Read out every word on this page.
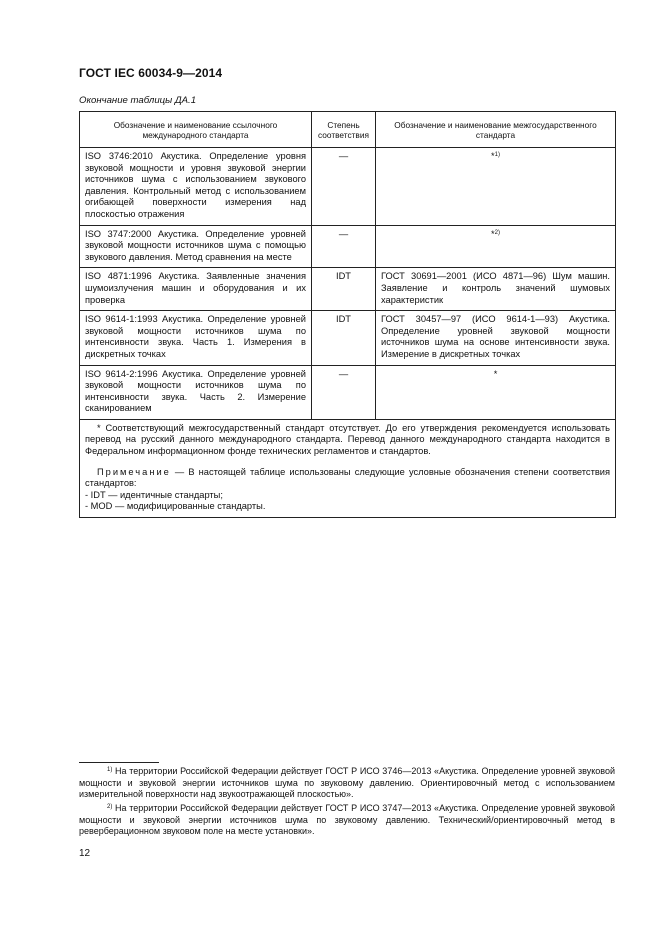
ГОСТ IEC 60034-9—2014
Окончание таблицы ДА.1
Обозначение и наименование ссылочного международного стандарта	Степень соответствия	Обозначение и наименование межгосударственного стандарта
ISO 3746:2010 Акустика. Определение уровня звуковой мощности и уровня звуковой энергии источников шума с использованием звукового давления. Контрольный метод с использованием огибающей поверхности измерения над плоскостью отражения	—	*$^{1)}$
ISO 3747:2000 Акустика. Определение уровней звуковой мощности источников шума с помощью звукового давления. Метод сравнения на месте	—	*$^{2)}$
ISO 4871:1996 Акустика. Заявленные значения шумоизлучения машин и оборудования и их проверка	IDT	ГОСТ 30691—2001 (ИСО 4871—96) Шум машин. Заявление и контроль значений шумовых характеристик
ISO 9614-1:1993 Акустика. Определение уровней звуковой мощности источников шума по интенсивности звука. Часть 1. Измерения в дискретных точках	IDT	ГОСТ 30457—97 (ИСО 9614-1—93) Акустика. Определение уровней звуковой мощности источников шума на основе интенсивности звука. Измерение в дискретных точках
ISO 9614-2:1996 Акустика. Определение уровней звуковой мощности источников шума по интенсивности звука. Часть 2. Измерение сканированием	—	*

* Соответствующий межгосударственный стандарт отсутствует. До его утверждения рекомендуется использовать перевод на русский данного международного стандарта. Перевод данного международного стандарта находится в Федеральном информационном фонде технических регламентов и стандартов.

Примечание — В настоящей таблице использованы следующие условные обозначения степени соответствия стандартов:

- IDT — идентичные стандарты;

- MOD — модифицированные стандарты.		

$^{1)}$ На территории Российской Федерации действует ГОСТ Р ИСО 3746—2013 «Акустика. Определение уровней звуковой мощности и звуковой энергии источников шума по звуковому давлению. Ориентировочный метод с использованием измерительной поверхности над звукоотражающей плоскостью».
$^{2)}$ На территории Российской Федерации действует ГОСТ Р ИСО 3747—2013 «Акустика. Определение уровней звуковой мощности и звуковой энергии источников шума по звуковому давлению. Технический/ориентировочный метод в реверберационном звуковом поле на месте установки».
12
